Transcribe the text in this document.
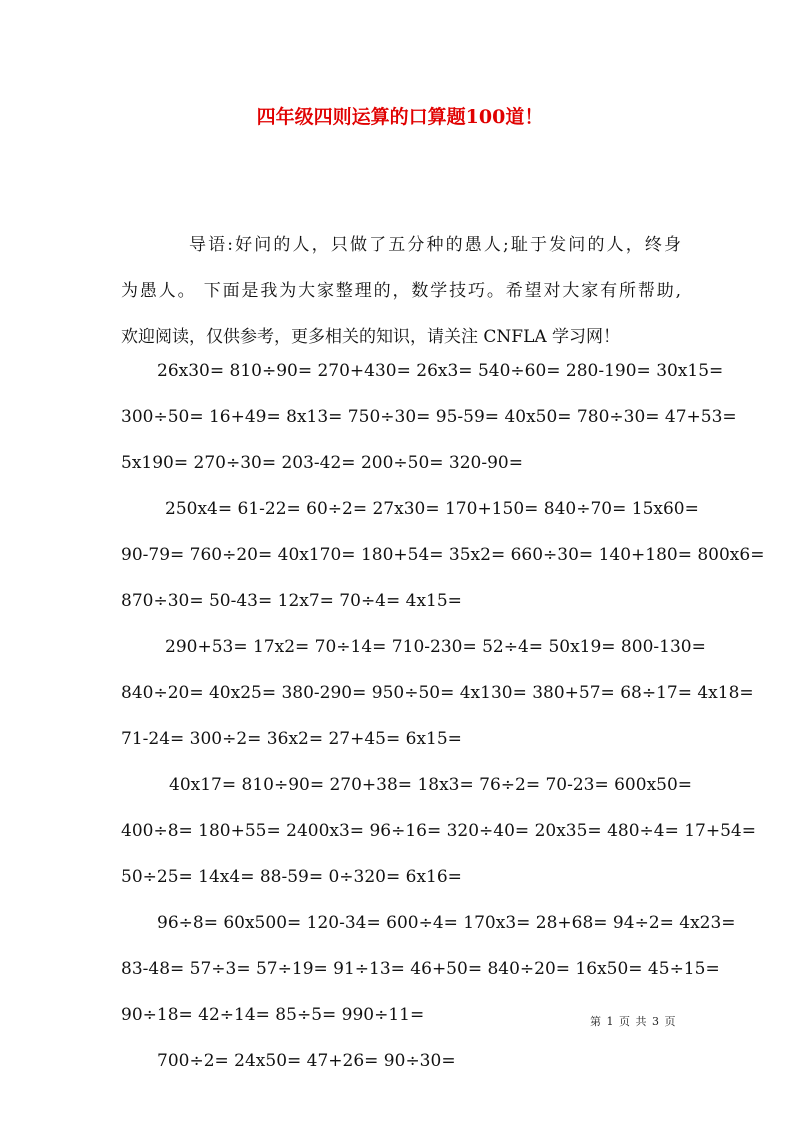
四年级四则运算的口算题100道！
导语:好问的人，只做了五分种的愚人;耻于发问的人，终身
为愚人。 下面是我为大家整理的，数学技巧。希望对大家有所帮助,
欢迎阅读，仅供参考，更多相关的知识，请关注 CNFLA 学习网！
26x30= 810÷90= 270+430= 26x3= 540÷60= 280-190= 30x15=
300÷50= 16+49= 8x13= 750÷30= 95-59= 40x50= 780÷30= 47+53=
5x190= 270÷30= 203-42= 200÷50= 320-90=
250x4= 61-22= 60÷2= 27x30= 170+150= 840÷70= 15x60=
90-79= 760÷20= 40x170= 180+54= 35x2= 660÷30= 140+180= 800x6=
870÷30= 50-43= 12x7= 70÷4= 4x15=
290+53= 17x2= 70÷14= 710-230= 52÷4= 50x19= 800-130=
840÷20= 40x25= 380-290= 950÷50= 4x130= 380+57= 68÷17= 4x18=
71-24= 300÷2= 36x2= 27+45= 6x15=
40x17= 810÷90= 270+38= 18x3= 76÷2= 70-23= 600x50=
400÷8= 180+55= 2400x3= 96÷16= 320÷40= 20x35= 480÷4= 17+54=
50÷25= 14x4= 88-59= 0÷320= 6x16=
96÷8= 60x500= 120-34= 600÷4= 170x3= 28+68= 94÷2= 4x23=
83-48= 57÷3= 57÷19= 91÷13= 46+50= 840÷20= 16x50= 45÷15=
90÷18= 42÷14= 85÷5= 990÷11=
700÷2= 24x50= 47+26= 90÷30=
第 1 页 共 3 页
